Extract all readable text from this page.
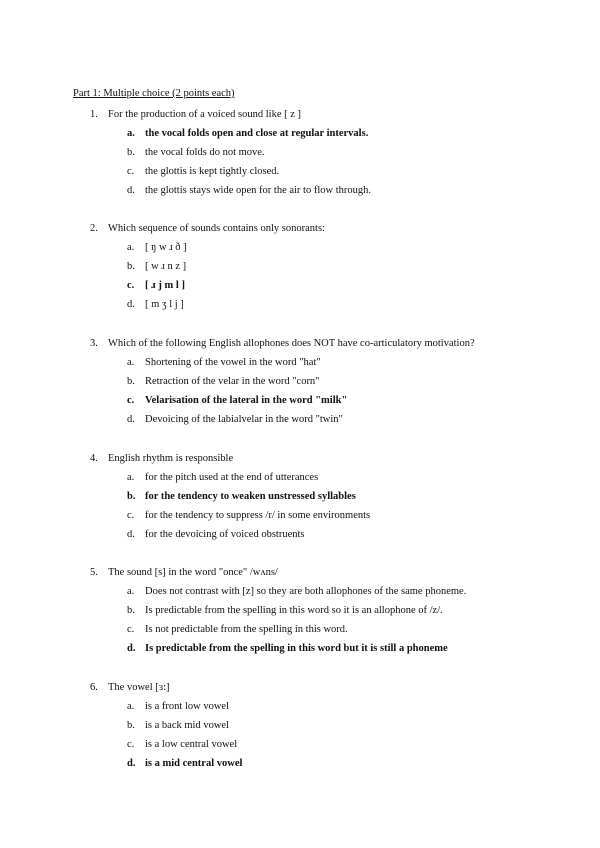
Part 1: Multiple choice (2 points each)
1. For the production of a voiced sound like [ z ]
a. the vocal folds open and close at regular intervals.
b. the vocal folds do not move.
c. the glottis is kept tightly closed.
d. the glottis stays wide open for the air to flow through.
2. Which sequence of sounds contains only sonorants:
a. [ ŋ w ɹ ð ]
b. [ w ɹ n z ]
c. [ ɹ j m l ]
d. [ m ʒ l j ]
3. Which of the following English allophones does NOT have co-articulatory motivation?
a. Shortening of the vowel in the word "hat"
b. Retraction of the velar in the word "corn"
c. Velarisation of the lateral in the word "milk"
d. Devoicing of the labialvelar in the word "twin"
4. English rhythm is responsible
a. for the pitch used at the end of utterances
b. for the tendency to weaken unstressed syllables
c. for the tendency to suppress /r/ in some environments
d. for the devoicing of voiced obstruents
5. The sound [s] in the word "once" /wʌns/
a. Does not contrast with [z] so they are both allophones of the same phoneme.
b. Is predictable from the spelling in this word so it is an allophone of /z/.
c. Is not predictable from the spelling in this word.
d. Is predictable from the spelling in this word but it is still a phoneme
6. The vowel [ɜ:]
a. is a front low vowel
b. is a back mid vowel
c. is a low central vowel
d. is a mid central vowel
